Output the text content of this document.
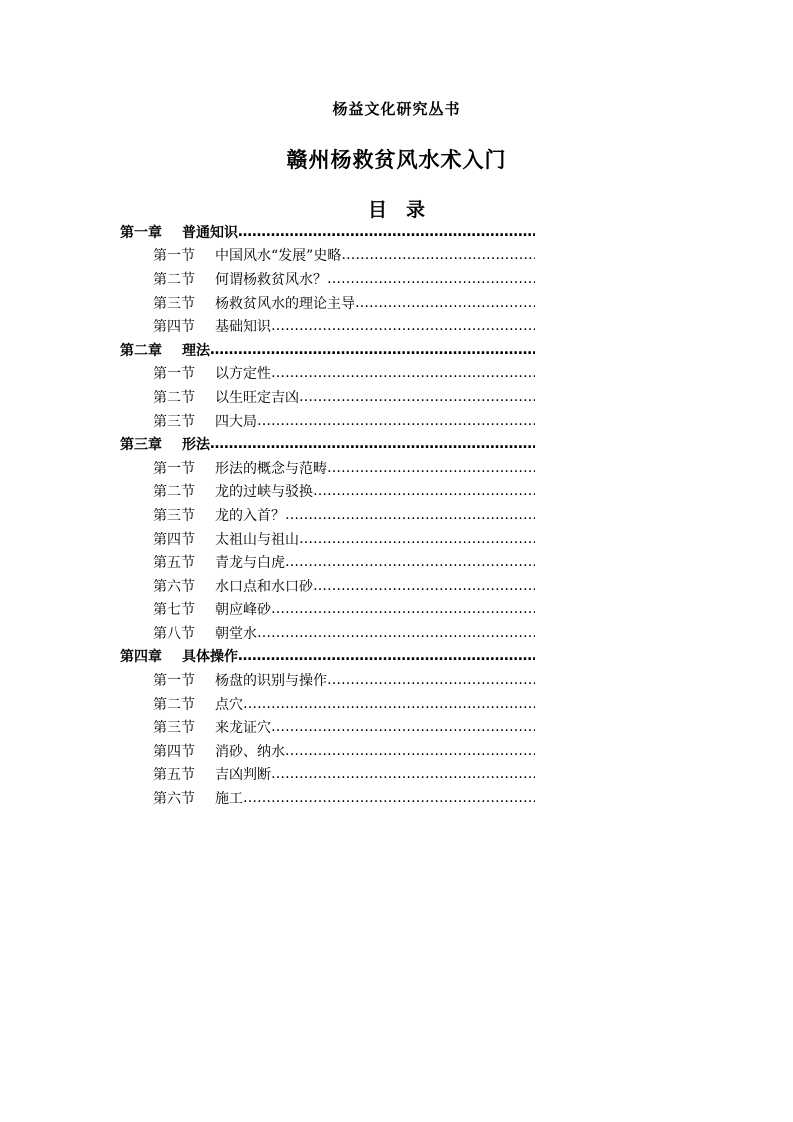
杨益文化研究丛书
赣州杨救贫风水术入门
目　录
第一章 普通知识
…………………………………………………………………………………………………………………………………………………………
第一节 中国风水“发展”史略
…………………………………………………………………………………………………………………………………………………………
第二节 何谓杨救贫风水？
…………………………………………………………………………………………………………………………………………………………
第三节 杨救贫风水的理论主导
…………………………………………………………………………………………………………………………………………………………
第四节 基础知识
…………………………………………………………………………………………………………………………………………………………
第二章 理法
…………………………………………………………………………………………………………………………………………………………
第一节 以方定性
…………………………………………………………………………………………………………………………………………………………
第二节 以生旺定吉凶
…………………………………………………………………………………………………………………………………………………………
第三节 四大局
…………………………………………………………………………………………………………………………………………………………
第三章 形法
…………………………………………………………………………………………………………………………………………………………
第一节 形法的概念与范畴
…………………………………………………………………………………………………………………………………………………………
第二节 龙的过峡与驳换
…………………………………………………………………………………………………………………………………………………………
第三节 龙的入首？
…………………………………………………………………………………………………………………………………………………………
第四节 太祖山与祖山
…………………………………………………………………………………………………………………………………………………………
第五节 青龙与白虎
…………………………………………………………………………………………………………………………………………………………
第六节 水口点和水口砂
…………………………………………………………………………………………………………………………………………………………
第七节 朝应峰砂
…………………………………………………………………………………………………………………………………………………………
第八节 朝堂水
…………………………………………………………………………………………………………………………………………………………
第四章 具体操作
…………………………………………………………………………………………………………………………………………………………
第一节 杨盘的识别与操作
…………………………………………………………………………………………………………………………………………………………
第二节 点穴
…………………………………………………………………………………………………………………………………………………………
第三节 来龙证穴
…………………………………………………………………………………………………………………………………………………………
第四节 消砂、纳水
…………………………………………………………………………………………………………………………………………………………
第五节 吉凶判断
…………………………………………………………………………………………………………………………………………………………
第六节 施工
…………………………………………………………………………………………………………………………………………………………
